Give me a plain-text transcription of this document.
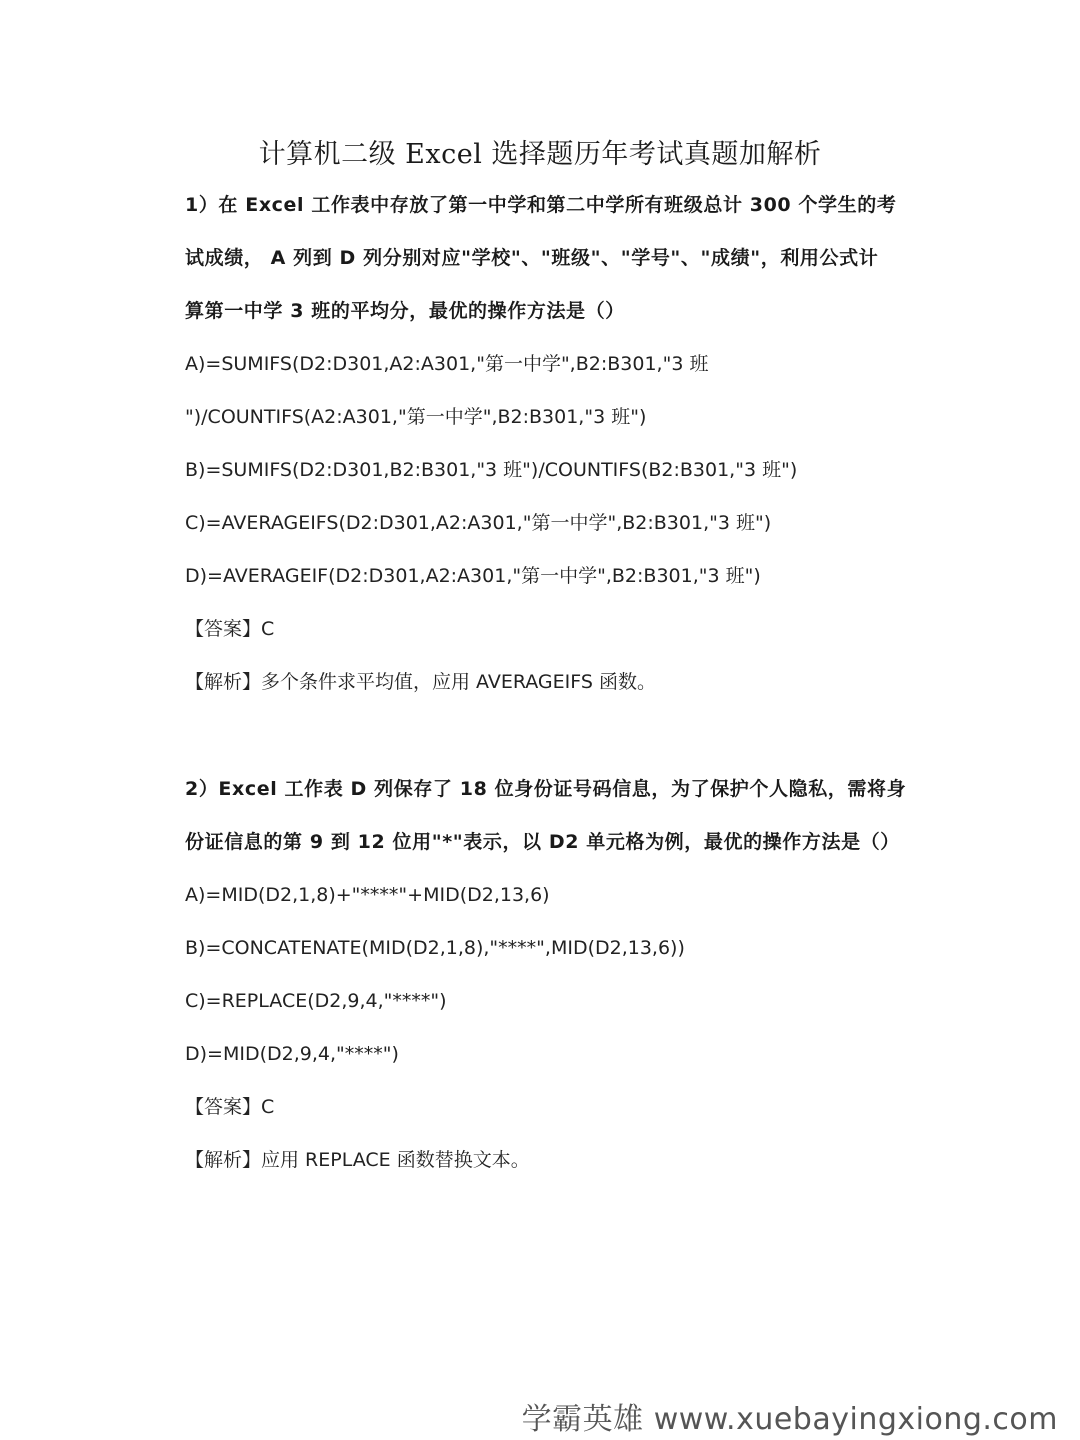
计算机二级 Excel 选择题历年考试真题加解析
1）在 Excel 工作表中存放了第一中学和第二中学所有班级总计 300 个学生的考
试成绩， A 列到 D 列分别对应"学校"、"班级"、"学号"、"成绩"，利用公式计
算第一中学 3 班的平均分，最优的操作方法是（）
A)=SUMIFS(D2:D301,A2:A301,"第一中学",B2:B301,"3 班
")/COUNTIFS(A2:A301,"第一中学",B2:B301,"3 班")
B)=SUMIFS(D2:D301,B2:B301,"3 班")/COUNTIFS(B2:B301,"3 班")
C)=AVERAGEIFS(D2:D301,A2:A301,"第一中学",B2:B301,"3 班")
D)=AVERAGEIF(D2:D301,A2:A301,"第一中学",B2:B301,"3 班")
【答案】C
【解析】多个条件求平均值，应用 AVERAGEIFS 函数。
2）Excel 工作表 D 列保存了 18 位身份证号码信息，为了保护个人隐私，需将身
份证信息的第 9 到 12 位用"*"表示，以 D2 单元格为例，最优的操作方法是（）
A)=MID(D2,1,8)+"****"+MID(D2,13,6)
B)=CONCATENATE(MID(D2,1,8),"****",MID(D2,13,6))
C)=REPLACE(D2,9,4,"****")
D)=MID(D2,9,4,"****")
【答案】C
【解析】应用 REPLACE 函数替换文本。
学霸英雄 www.xuebayingxiong.com
